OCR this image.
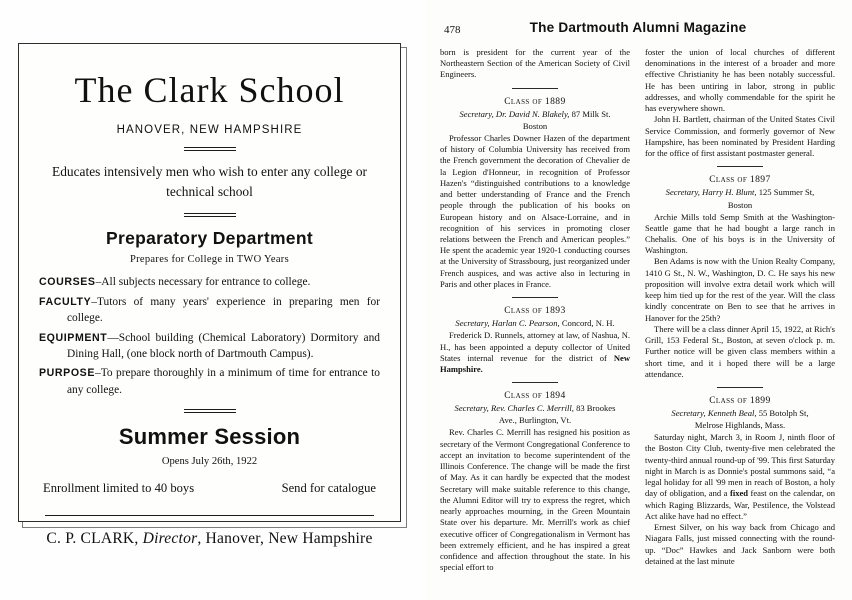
The Clark School
HANOVER, NEW HAMPSHIRE
Educates intensively men who wish to enter any college or technical school
Preparatory Department
Prepares for College in TWO Years
COURSES–All subjects necessary for entrance to college.
FACULTY–Tutors of many years' experience in preparing men for college.
EQUIPMENT—School building (Chemical Laboratory) Dormitory and Dining Hall, (one block north of Dartmouth Campus).
PURPOSE–To prepare thoroughly in a minimum of time for entrance to any college.
Summer Session
Opens July 26th, 1922
Enrollment limited to 40 boys	Send for catalogue
C. P. CLARK, Director, Hanover, New Hampshire
478	The Dartmouth Alumni Magazine

born is president for the current year of the Northeastern Section of the American Society of Civil Engineers.

Class of 1889

Secretary, Dr. David N. Blakely, 87 Milk St.

Boston

Professor Charles Downer Hazen of the department of history of Columbia University has received from the French government the decoration of Chevalier de la Legion d'Honneur, in recognition of Professor Hazen's “distinguished contributions to a knowledge and better understanding of France and the French people through the publication of his books on European history and on Alsace-Lorraine, and in recognition of his services in promoting closer relations between the French and American peoples.” He spent the academic year 1920-1 conducting courses at the University of Strassbourg, just reorganized under French auspices, and was active also in lecturing in Paris and other places in France.

Class of 1893

Secretary, Harlan C. Pearson, Concord, N. H.

Frederick D. Runnels, attorney at law, of Nashua, N. H., has been appointed a deputy collector of United States internal revenue for the district of New Hampshire.

Class of 1894

Secretary, Rev. Charles C. Merrill, 83 Brookes

Ave., Burlington, Vt.

Rev. Charles C. Merrill has resigned his position as secretary of the Vermont Congregational Conference to accept an invitation to become superintendent of the Illinois Conference. The change will be made the first of May. As it can hardly be expected that the modest Secretary will make suitable reference to this change, the Alumni Editor will try to express the regret, which nearly approaches mourning, in the Green Mountain State over his departure. Mr. Merrill's work as chief executive officer of Congregationalism in Vermont has been extremely efficient, and he has inspired a great confidence and affection throughout the state. In his special effort to

foster the union of local churches of different denominations in the interest of a broader and more effective Christianity he has been notably successful. He has been untiring in labor, strong in public addresses, and wholly commendable for the spirit he has everywhere shown.

John H. Bartlett, chairman of the United States Civil Service Commission, and formerly governor of New Hampshire, has been nominated by President Harding for the office of first assistant postmaster general.

Class of 1897

Secretary, Harry H. Blunt, 125 Summer St,

Boston

Archie Mills told Semp Smith at the Washington-Seattle game that he had bought a large ranch in Chehalis. One of his boys is in the University of Washington.

Ben Adams is now with the Union Realty Company, 1410 G St., N. W., Washington, D. C. He says his new proposition will involve extra detail work which will keep him tied up for the rest of the year. Will the class kindly concentrate on Ben to see that he arrives in Hanover for the 25th?

There will be a class dinner April 15, 1922, at Rich's Grill, 153 Federal St., Boston, at seven o'clock p. m. Further notice will be given class members within a short time, and it i hoped there will be a large attendance.

Class of 1899

Secretary, Kenneth Beal, 55 Botolph St,

Melrose Highlands, Mass.

Saturday night, March 3, in Room J, ninth floor of the Boston City Club, twenty-five men celebrated the twenty-third annual round-up of '99. This first Saturday night in March is as Donnie's postal summons said, “a legal holiday for all '99 men in reach of Boston, a holy day of obligation, and a fixed feast on the calendar, on which Raging Blizzards, War, Pestilence, the Volstead Act alike have had no effect.”

Ernest Silver, on his way back from Chicago and Niagara Falls, just missed connecting with the round-up. “Doc” Hawkes and Jack Sanborn were both detained at the last minute
